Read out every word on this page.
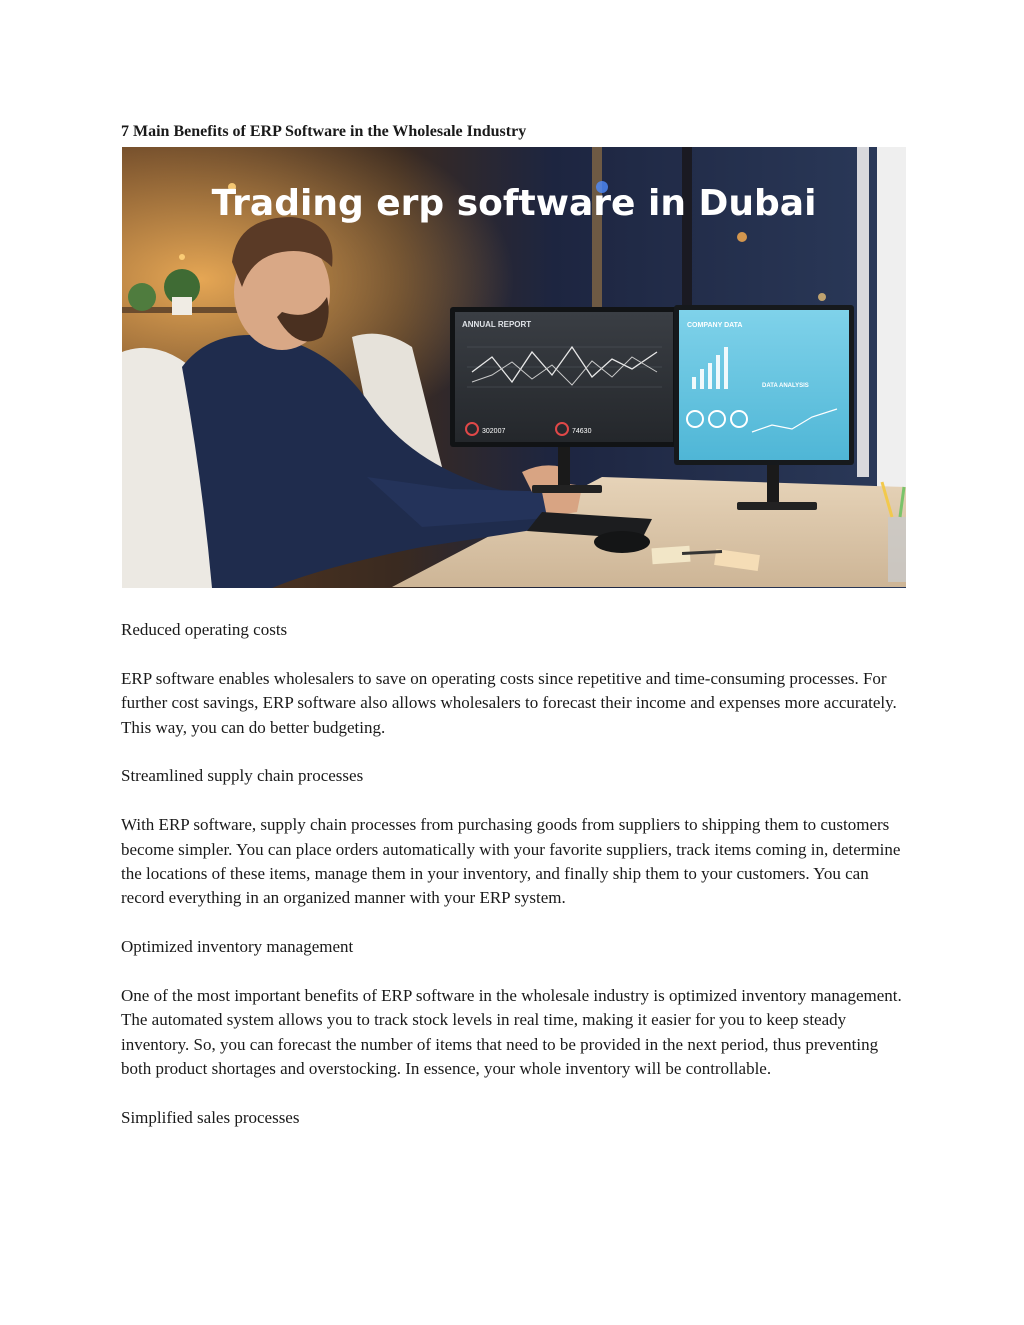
7 Main Benefits of ERP Software in the Wholesale Industry

ANNUAL REPORT
302007	74630
COMPANY DATA
DATA ANALYSIS
Trading erp software in Dubai

Reduced operating costs

ERP software enables wholesalers to save on operating costs since repetitive and time-consuming processes. For further cost savings, ERP software also allows wholesalers to forecast their income and expenses more accurately. This way, you can do better budgeting.

Streamlined supply chain processes

With ERP software, supply chain processes from purchasing goods from suppliers to shipping them to customers become simpler. You can place orders automatically with your favorite suppliers, track items coming in, determine the locations of these items, manage them in your inventory, and finally ship them to your customers. You can record everything in an organized manner with your ERP system.

Optimized inventory management

One of the most important benefits of ERP software in the wholesale industry is optimized inventory management. The automated system allows you to track stock levels in real time, making it easier for you to keep steady inventory. So, you can forecast the number of items that need to be provided in the next period, thus preventing both product shortages and overstocking. In essence, your whole inventory will be controllable.

Simplified sales processes
